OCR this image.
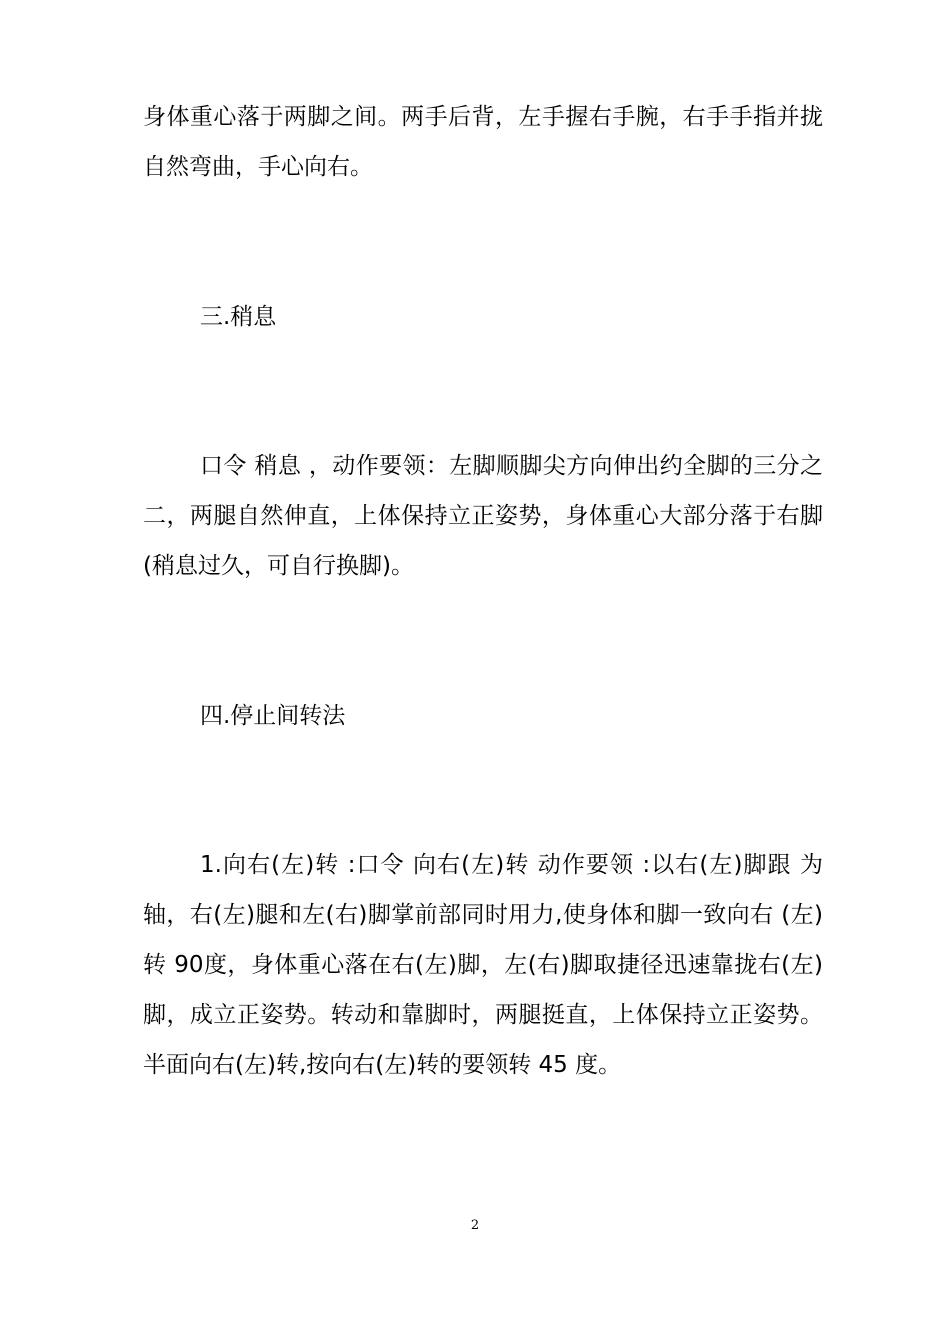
身体重心落于两脚之间。两手后背，左手握右手腕，右手手指并拢自然弯曲，手心向右。

三.稍息

口令 稍息 ，动作要领：左脚顺脚尖方向伸出约全脚的三分之二，两腿自然伸直，上体保持立正姿势，身体重心大部分落于右脚(稍息过久，可自行换脚)。

四.停止间转法

1.向右(左)转 :口令 向右(左)转 动作要领 :以右(左)脚跟 为轴，右(左)腿和左(右)脚掌前部同时用力,使身体和脚一致向右 (左)转 90度，身体重心落在右(左)脚，左(右)脚取捷径迅速靠拢右(左)脚，成立正姿势。转动和靠脚时，两腿挺直，上体保持立正姿势。半面向右(左)转,按向右(左)转的要领转 45 度。

2
